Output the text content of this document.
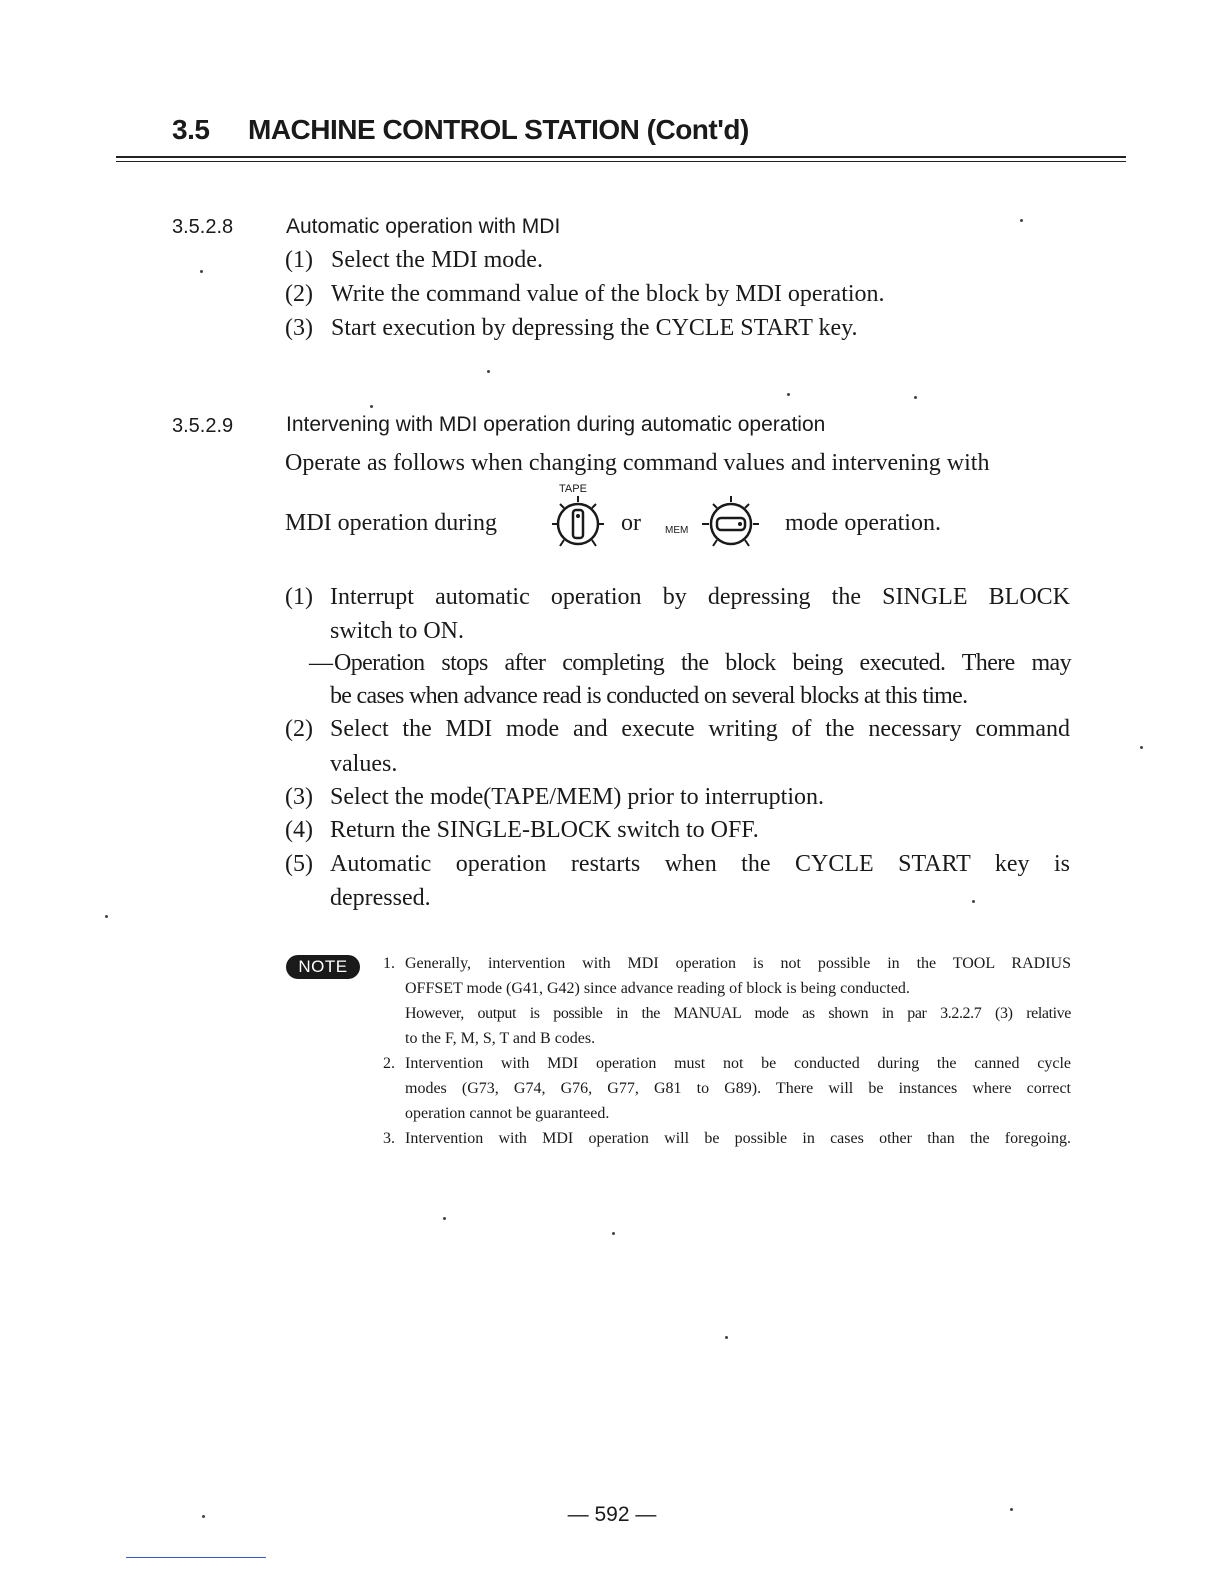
3.5 MACHINE CONTROL STATION (Cont'd)
3.5.2.8	Automatic operation with MDI
(1) Select the MDI mode.
(2) Write the command value of the block by MDI operation.
(3) Start execution by depressing the CYCLE START key.
3.5.2.9	Intervening with MDI operation during automatic operation
Operate as follows when changing command values and intervening with
MDI operation during
TAPE
or MEM	mode operation.
(1) Interrupt automatic operation by depressing the SINGLE BLOCK
switch to ON.
— Operation stops after completing the block being executed. There may
be cases when advance read is conducted on several blocks at this time.
(2) Select the MDI mode and execute writing of the necessary command
values.
(3) Select the mode(TAPE/MEM) prior to interruption.
(4) Return the SINGLE-BLOCK switch to OFF.
(5) Automatic operation restarts when the CYCLE START key is
depressed.
NOTE	1. Generally, intervention with MDI operation is not possible in the TOOL RADIUS
OFFSET mode (G41, G42) since advance reading of block is being conducted.
However, output is possible in the MANUAL mode as shown in par 3.2.2.7 (3) relative
to the F, M, S, T and B codes.
2. Intervention with MDI operation must not be conducted during the canned cycle
modes (G73, G74, G76, G77, G81 to G89). There will be instances where correct
operation cannot be guaranteed.
3. Intervention with MDI operation will be possible in cases other than the foregoing.
— 592 —
